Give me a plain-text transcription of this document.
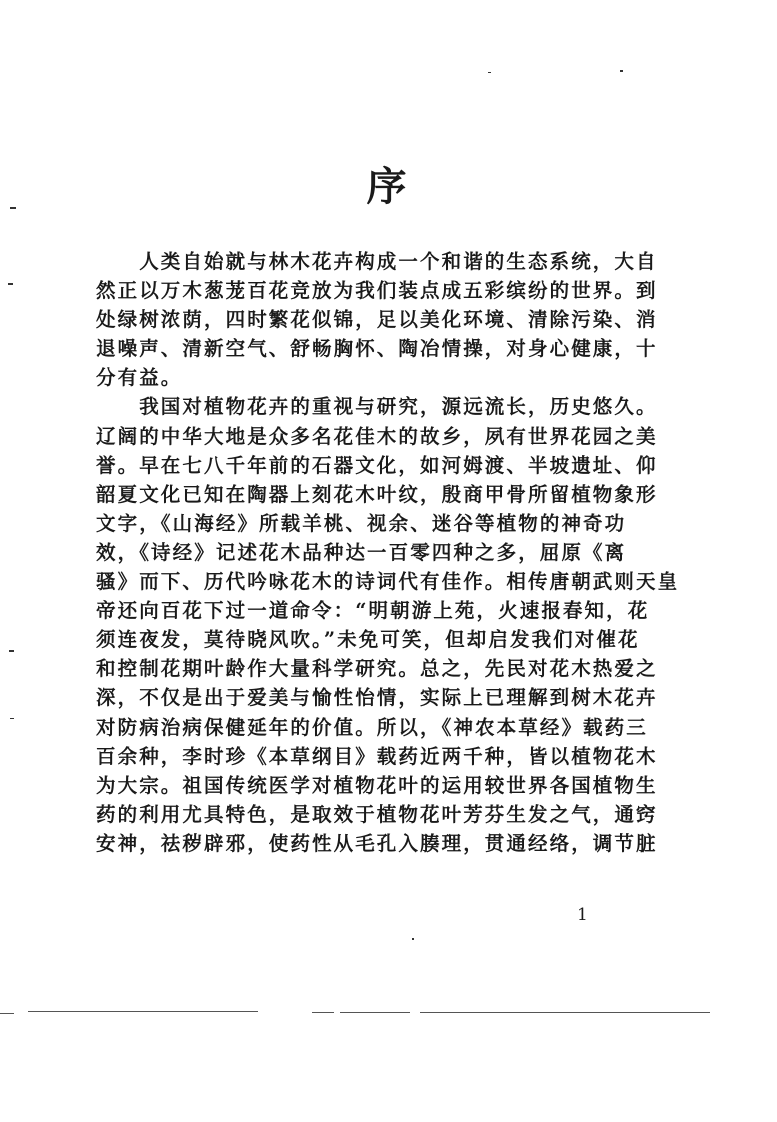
序
　　人类自始就与林木花卉构成一个和谐的生态系统，大自
然正以万木葱茏百花竞放为我们装点成五彩缤纷的世界。到
处绿树浓荫，四时繁花似锦，足以美化环境、清除污染、消
退噪声、清新空气、舒畅胸怀、陶冶情操，对身心健康，十
分有益。
　　我国对植物花卉的重视与研究，源远流长，历史悠久。
辽阔的中华大地是众多名花佳木的故乡，夙有世界花园之美
誉。早在七八千年前的石器文化，如河姆渡、半坡遗址、仰
韶夏文化已知在陶器上刻花木叶纹，殷商甲骨所留植物象形
文字，《山海经》所载羊桃、视余、迷谷等植物的神奇功
效，《诗经》记述花木品种达一百零四种之多，屈原《离
骚》而下、历代吟咏花木的诗词代有佳作。相传唐朝武则天皇
帝还向百花下过一道命令：“明朝游上苑，火速报春知，花
须连夜发，莫待晓风吹。”未免可笑，但却启发我们对催花
和控制花期叶龄作大量科学研究。总之，先民对花木热爱之
深，不仅是出于爱美与愉性怡情，实际上已理解到树木花卉
对防病治病保健延年的价值。所以，《神农本草经》载药三
百余种，李时珍《本草纲目》载药近两千种，皆以植物花木
为大宗。祖国传统医学对植物花叶的运用较世界各国植物生
药的利用尤具特色，是取效于植物花叶芳芬生发之气，通窍
安神，祛秽辟邪，使药性从毛孔入腠理，贯通经络，调节脏
1
